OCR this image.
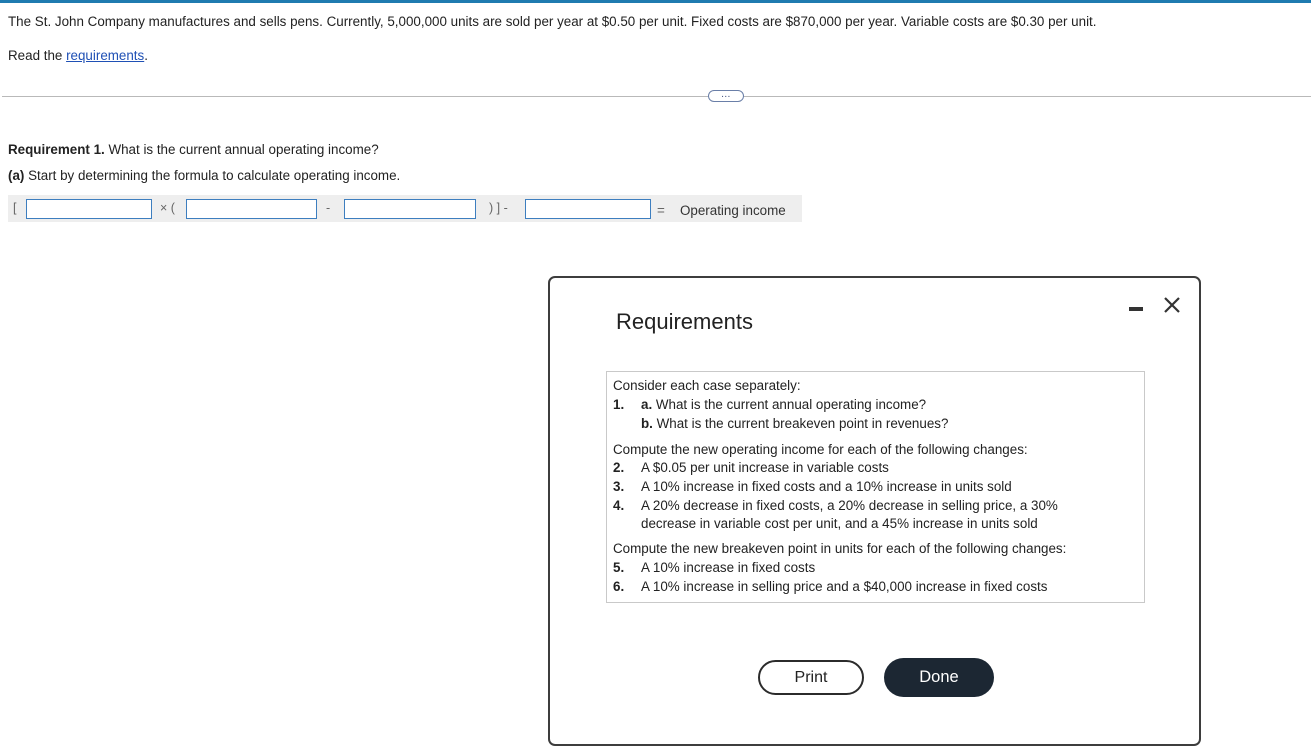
The St. John Company manufactures and sells pens. Currently, 5,000,000 units are sold per year at $0.50 per unit. Fixed costs are $870,000 per year. Variable costs are $0.30 per unit.
Read the requirements.
…
Requirement 1. What is the current annual operating income?
(a) Start by determining the formula to calculate operating income.
[	× (	-	) ] -	= Operating income
Requirements
Consider each case separately:
1. a. What is the current annual operating income?
b. What is the current breakeven point in revenues?
Compute the new operating income for each of the following changes:
2. A $0.05 per unit increase in variable costs
3. A 10% increase in fixed costs and a 10% increase in units sold
4. A 20% decrease in fixed costs, a 20% decrease in selling price, a 30%
decrease in variable cost per unit, and a 45% increase in units sold
Compute the new breakeven point in units for each of the following changes:
5. A 10% increase in fixed costs
6. A 10% increase in selling price and a $40,000 increase in fixed costs
Print	Done
